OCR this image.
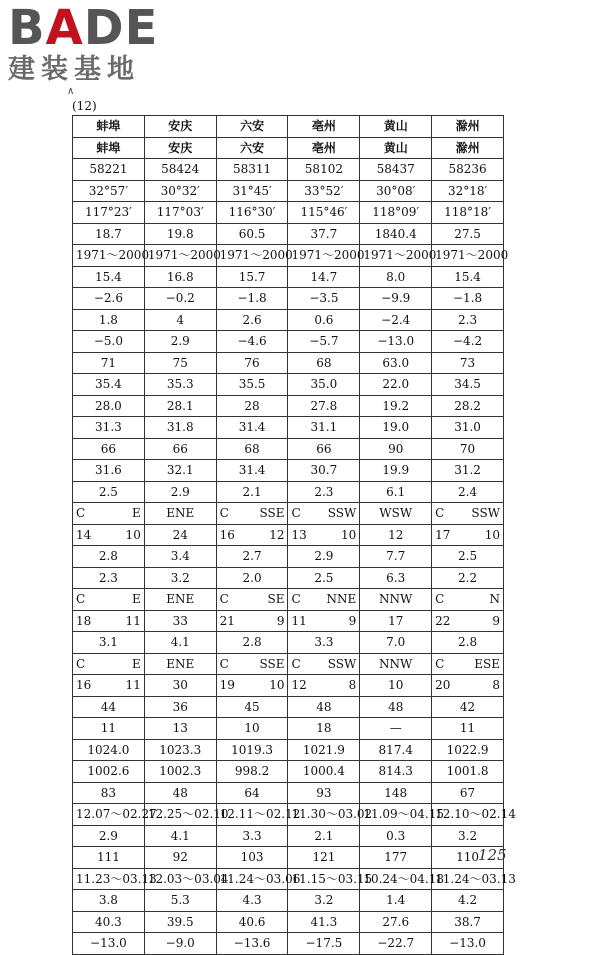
BADE
建装基地
∧
(12)
蚌埠	安庆	六安	亳州	黄山	滁州
蚌埠	安庆	六安	亳州	黄山	滁州
58221	58424	58311	58102	58437	58236
32°57′	30°32′	31°45′	33°52′	30°08′	32°18′
117°23′	117°03′	116°30′	115°46′	118°09′	118°18′
18.7	19.8	60.5	37.7	1840.4	27.5
1971～2000	1971～2000	1971～2000	1971～2000	1971～2000	1971～2000
15.4	16.8	15.7	14.7	8.0	15.4
−2.6	−0.2	−1.8	−3.5	−9.9	−1.8
1.8	4	2.6	0.6	−2.4	2.3
−5.0	2.9	−4.6	−5.7	−13.0	−4.2
71	75	76	68	63.0	73
35.4	35.3	35.5	35.0	22.0	34.5
28.0	28.1	28	27.8	19.2	28.2
31.3	31.8	31.4	31.1	19.0	31.0
66	66	68	66	90	70
31.6	32.1	31.4	30.7	19.9	31.2
2.5	2.9	2.1	2.3	6.1	2.4
C E	ENE	C SSE	C SSW	WSW	C SSW
14 10	24	16 12	13 10	12	17 10
2.8	3.4	2.7	2.9	7.7	2.5
2.3	3.2	2.0	2.5	6.3	2.2
C E	ENE	C SE	C NNE	NNW	C N
18 11	33	21 9	11 9	17	22 9
3.1	4.1	2.8	3.3	7.0	2.8
C E	ENE	C SSE	C SSW	NNW	C ESE
16 11	30	19 10	12 8	10	20 8
44	36	45	48	48	42
11	13	10	18	—	11
1024.0	1023.3	1019.3	1021.9	817.4	1022.9
1002.6	1002.3	998.2	1000.4	814.3	1001.8
83	48	64	93	148	67
12.07～02.27	12.25～02.10	12.11～02.12	11.30～03.02	11.09～04.15	12.10～02.14
2.9	4.1	3.3	2.1	0.3	3.2
111	92	103	121	177	110
11.23～03.13	12.03～03.04	11.24～03.06	11.15～03.15	10.24～04.18	11.24～03.13
3.8	5.3	4.3	3.2	1.4	4.2
40.3	39.5	40.6	41.3	27.6	38.7
−13.0	−9.0	−13.6	−17.5	−22.7	−13.0
125
